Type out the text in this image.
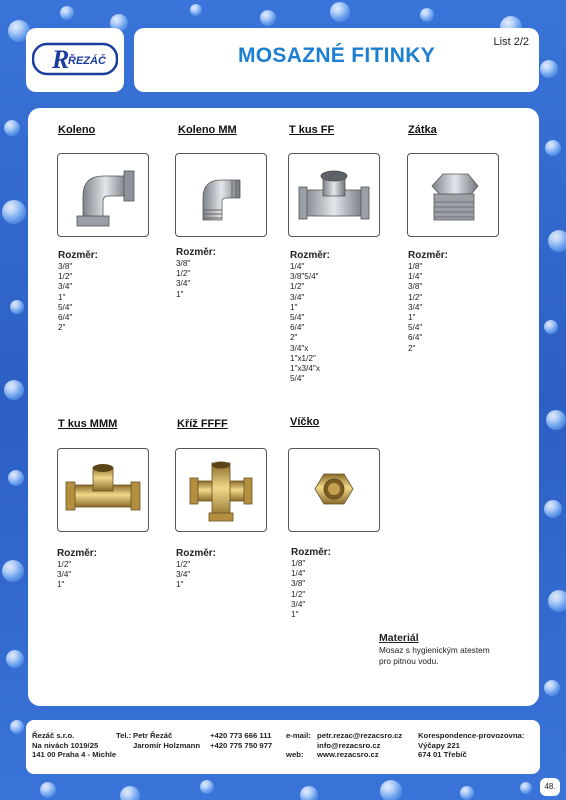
R
ŘEZÁČ	MOSAZNÉ FITINKY
List 2/2
Koleno
Rozměr:
3/8"
1/2"
3/4"
1"
5/4"
6/4"
2"
Koleno MM
Rozměr:
3/8"
1/2"
3/4"
1"
T kus FF
Rozměr:
1/4"
3/8"5/4"
1/2"
3/4"
1"
5/4"
6/4"
2"
3/4"x
1"x1/2"
1"x3/4"x
5/4"
Zátka
Rozměr:
1/8"
1/4"
3/8"
1/2"
3/4"
1"
5/4"
6/4"
2"
T kus MMM
Rozměr:
1/2"
3/4"
1"
Kříž FFFF
Rozměr:
1/2"
3/4"
1"
Víčko
Rozměr:
1/8"
1/4"
3/8"
1/2"
3/4"
1"
Materiál
Mosaz s hygienickým atestem
pro pitnou vodu.
Řezáč s.r.o.
Na nivách 1019/25
141 00 Praha 4 - Michle
Tel.: Petr Řezáč
Jaromír Holzmann
+420 773 666 111
+420 775 750 977
e-mail:

web:
petr.rezac@rezacsro.cz
info@rezacsro.cz
www.rezacsro.cz
Korespondence-provozovna:
Výčapy 221
674 01 Třebíč
48.
